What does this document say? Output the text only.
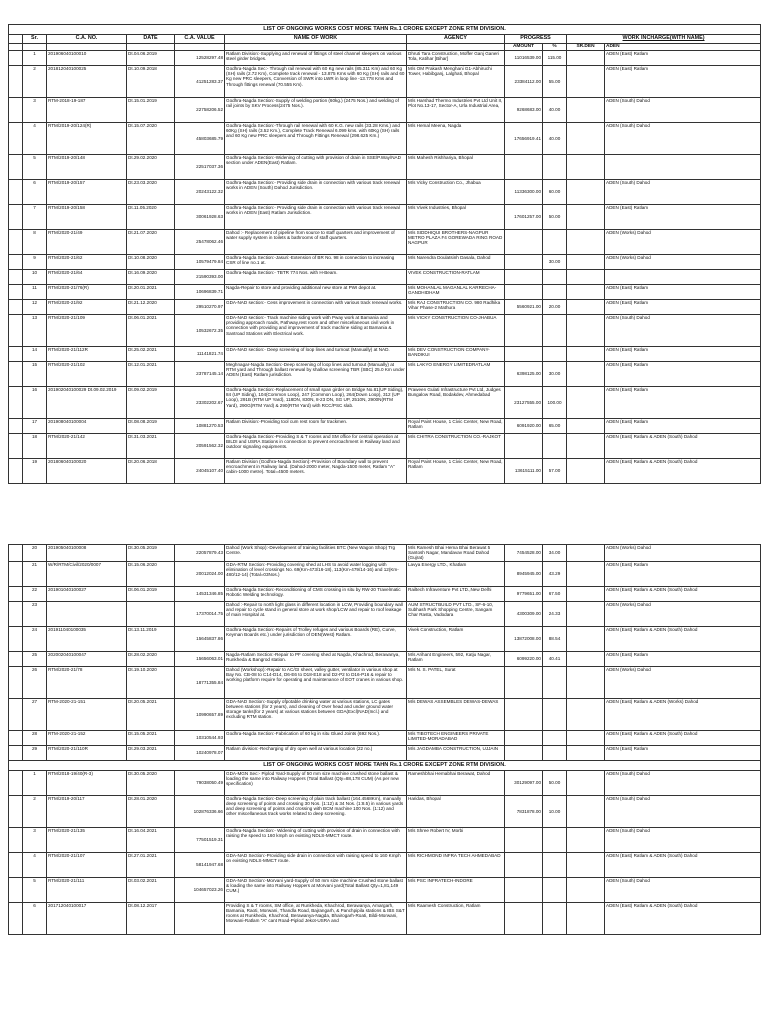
LIST OF ONGOING WORKS COST MORE TAHN Rs.1 CRORE EXCEPT ZONE RTM DIVISION.										
	Sr.	C.A. NO.	DATE	C.A. VALUE	NAME OF WORK	AGENCY	PROGRESS		WORK INCHARGE(WITH NAME)	
							AMOUNT	%	SR.DEN	ADEN
	1	201906040100010	Dt.04.06.2019	12528297.48	Ratlam Division:-Supplying and renewal of fittings of steel channel sleepers on various steel girder bridges.	Dhruti Tara Construction, Moffer Ganj Ganeri Tola, Katihar [Bihar]	11016539.00	115.00		ADEN (East) Ratlam
	2	201812040100025	Dt.10.09.2018	41251283.37	Godhra-Nagda Sec:- Through rail renewal with 60 Kg new rails (85.311 Km) and 60 Kg (SH) rails (2.72 Km), Complete track renewal - 13.875 Kms with 60 Kg (SH) rails and 60 Kg new PRC sleepers, Conversion of SWR into LWR in loop line -13.778 Kms and Through fittings renewal (70.555 Km).	M/s OM Prakash Menghani G1-Abhiruchi Tower, Habibganj, Lalghati, Bhopal	23384112.00	55.00		ADEN (East) Ratlam
	3	RTM-2018-19-187	Dt.15.01.2019	22758206.52	Godhra-Nagda Section:-Supply of welding portion (60kg.) (2475 Nos.) and welding of rail joints by SKV Process(2475 Nos.).	M/s Harshad Thermo Industries Pvt Ltd Unit II, Plot No.13-17, Sector-A, Urla Industrial Area,	9268683.00	40.00		ADEN (South) Dahod
	4	RTM/2019-20/124(R)	Dt.15.07.2020	45803685.79	Godhra-Nagda Section:-Through rail renewal with 60 K.G. new rails (33.28 Kms.) and 60Kg (SH) rails (3.52 Km.), Complete Track Renewal 6.099 kms. with 60Kg (SH) rails and 60 Kg new PRC sleepers and Through Fittings Renewal (298.625 Km.)	M/s Hemal Meena, Nagda	17656919.41	40.00		ADEN (South) Dahod
	5	RTM/2019-20/148	Dt.29.02.2020	22517037.36	Godhra-Nagda Section:-Widening of cutting with provision of drain in SSE/P.Way/NAD section under ADEN(East) Ratlam.	M/s Mahesh Rishhariya, Bhopal				
	6	RTM/2019-20/157	Dt.23.03.2020	20243122.32	Godhra-Nagda Section:- Providing side drain in connection with various track renewal works in ADEN (South) Dahod Jurisdiction.	M/s Vicky Construction Co., Jhabua	11336300.00	60.00		ADEN (South) Dahod
	7	RTM/2019-20/158	Dt.11.05.2020	30061928.63	Godhra-Nagda Section:- Providing side drain in connection with various track renewal works in ADEN (East) Ratlam Jurisdiction.	M/s Vivek Industries, Bhopal	17601257.00	50.00		ADEN (East) Ratlam
	8	RTM/2020-21/49	Dt.21.07.2020	25478062.46	Dahod :- Replacement of pipeline from source to staff quarters and improvement of water supply system in toilets & bathrooms of staff quarters.	M/s SIDDHIQUI BROTHERS-NAGPUR METRO PLAZA F4 GOREWADA RING ROAD NAGPUR				ADEN (Works) Dahod
	9	RTM/2020-21/62	Dt.10.08.2020	10579479.84	Godhra-Nagda Section:-Jasuri:-Extension of BR No. 98 in connection to increasing CSR of line no.1 at.	M/s Narendra Doulatsinh Dasala, Dahod		30.00		ADEN (Works) Dahod
	10	RTM/2020-21/64	Dt.16.09.2020	21590393.00	Godhra-Nagda Section:- TBTR 774 Nos. with H-Beam.	VIVEK CONSTRUCTION-RATLAM				
	11	RTM/2020-21/76(R)	Dt.20.01.2021	10696839.71	Nagda-Repair to store and providing additional new store at PWI depot at.	M/s MOHANLAL MAGANLAL KARRECHA-GANDHIDHAM				ADEN (East) Ratlam
	12	RTM/2020-21/92	Dt.21.12.2020	29510270.97	GDA-NAD section:- Cess improvement in connection with various track renewal works.	M/s RAJ CONSTRUCTION CO. 980 Radhika Vihar Phase-2 Mathura	5560921.00	20.00		ADEN (East) Ratlam
	13	RTM/2020-21/109	Dt.06.01.2021	10532672.35	GDA-NAD section:- Track machine siding work with Pway work at Bamania and providing approach roads, Pathway,rest room and other miscellaneous civil work in connection with providing and improvement of track machine siding at Bamania & Santroad Stations with Electrical work.	M/s VICKY CONSTRUCTION CO-JHABUA				ADEN (South) Dahod
	14	RTM/2020-21/112R	Dt.25.02.2021	11141821.74	GDA-NAD section:- Deep screening of loop lines and turnout (Manually) at NAD.	M/s DEV CONSTRUCTION COMPANY-BANDIKUI				ADEN (East) Ratlam
	15	RTM/2020-21/102	Dt.12.01.2021	23787145.14	Meghnagar-Nagda Section:-Deep screening of loop lines and turnout (Manually) at RTM yard and Through ballast renewal by shallow screening TBR (SBC) 25.0 Km under ADEN (East) Ratlam jurisdiction.	M/s LAKYO ENERGY LIMITEDRATLAM	6398125.00	30.00		ADEN (East) Ratlam
	16	201902040100029 Dt.09.02.2019	Dt.09.02.2019	23302202.67	Godhra-Nagda Section:-Replacement of small span girder on Bridge No.81(UP Siding), 84 (UP Siding), 104(Common Loop), 247 (Common Loop), 264(Down Loop), 312 (UP Loop), 291B (RTM UP Yard), 118DN, 830N, 8-23 DN, SG UP, 2510N, 2900N(RTM Yard), 290G(RTM Yard) & 290(RTM Yard) with RCC/PSC slab.	Praween Gulati Infrastructure Pvt Ltd, Judges Bungalow Road, Bodakdev, Ahmedabad	23127555.00	100.00		ADEN (East) Ratlam
	17	201908040100004	Dt.08.08.2019	10881270.53	Ratlam Division:-Providing tool cum rest room for trackmen.	Royal Paint House, 1 Civic Center, New Road, Ratlam	6091920.00	65.00		ADEN (East) Ratlam
	18	RTM/2020-21/142	Dt.31.03.2021	20591562.32	Godhra-Nagda Section:-Providing S & T rooms and SM office for central operation at BILDI and USRA Stations in connection to prevent encroachment in Railway land and outdoor signaling equipments.	M/s CHITRA CONSTRUCTION CO.-RAJKOT				ADEN (East) Ratlam & ADEN (South) Dahod
	19	201806040100020	Dt.20.06.2018	24045107.40	Ratlam Division (Godhra-Nagda Section):-Provision of Boundary wall to prevent encroachment in Railway land. (Dahod-2000 meter, Nagda-1500 meter, Ratlam "A" cabin-1000 metre). Total=4500 meters.	Royal Paint House, 1 Civic Center, New Road, Ratlam	13615111.00	57.00		ADEN (East) Ratlam & ADEN (South) Dahod
	20	201905040100008	Dt.30.05.2019	22057879.43	Dahod (Work Shop):-Development of training facilities BTC (New Wagon Shop) Trg Centre.	M/s Ramesh Bhai Hema Bhai Berawat 5 Santosh Nagar, Mandavav Road Dahod (Gujrat)	7454528.00	34.00		ADEN (Works) Dahod
	21	W/R/RTM/Civil/2020/0007	Dt.15.06.2020	20012024.00	GDA-RTM Section:-Providing covering shed at LHS to avoid water logging with elimination of level crossings No. 69(Km-473/16-18), 113(Km-479/14-16) and 12(Km-480/12-14) (Total=03Nos.)	Lavya Energy LTD., Khatlam	8945945.00	43.29		ADEN (East) Ratlam
	22	201901040100027	Dt.06.01.2019	14531346.85	Godhra-Nagda Section:-Reconditioning of CMS crossing in situ by RW-20 Travelmatic Robotic Welding technology.	Railtech Infraventure Pvt LTD.,New Delhi	9779651.00	67.50		ADEN (East) Ratlam & ADEN (South) Dahod
	23			17370014.75	Dahod :-Repair to north light glass in different location in LCW, Providing boundary wall and repair to cycle stand in general store at work shop/LCW and repair to roof leakage of main Hospital at.	AUM STRUCTBUILD PVT LTD., SF-6-10, Subhash Park Shopping Centre, Sangam Char Rasta, Vadodara	4300309.00	24.33		ADEN (Works) Dahod
	24	201911040100035	Dt.13.11.2019	15645837.86	Godhra-Nagda Section:-Repairs of Trolley refuges and various Boards (RE), Curve, Keyman Boards etc.) under jurisdiction of DEN(West) Ratlam.	Vivek Construction, Ratlam	13872008.00	88.54		ADEN (East) Ratlam & ADEN (South) Dahod
	25	202002040100047	Dt.28.02.2020	15656063.01	Nagda-Ratlam Section:-Repair to PF covering shed at Nagda, Khachrod, Berawanya, Runkheda & Bangrod station.	M/s Arihant Engineers, 592, Katju Nagar, Ratlam	6099220.00	40.41		ADEN (East) Ratlam
	26	RTM/2020-21/78	Dt.19.10.2020	18771355.84	Dahod (Workshop):-Repair to AC/GI sheet, valley gutter, ventilator in various shop at Bay No. CB-08 to C14-D14, D6-E6 to D18-E18 and D2-P2 to D16-P16 & repair to working platform require for operating and maintenance of EOT cranes in various shop.	M/s N. S. PATEL, Surat				ADEN (Works) Dahod
	27	RTM-2020-21-151	Dt.20.05.2021	10990657.89	GDA-NAD Section:-Supply ofpotable drinking water at various stations, LC gates between stations (for 2 years), and cleaning of Over head and under ground water storage tanks(for 2 years) at various stations between GDA(Excl)NAD(Incl.) and excluding RTM station.	M/s DEWAS ASSEMBLES DEWAS-DEWAS				ADEN (East) Ratlam & ADEN (Works) Dahod
	28	RTM-2020-21-152	Dt.15.05.2021	10310544.93	Godhra-Nagda Section:-Fabrication of 60 kg in situ Glued Joints (692 Nos.).	M/s TIBOTECH ENGINEERS PRIVATE LIMITED-MORADABAD				ADEN (East) Ratlam & ADEN (South) Dahod
	29	RTM/2020-21/110R	Dt.29.03.2021	10240978.07	Ratlam division:-Recharging of dry open well at various location (22 no.)	M/s JAGDAMBA CONSTRUCTION, UJJAIN				ADEN (East) Ratlam
LIST OF ONGOING WORKS COST MORE TAHN Rs.1 CRORE EXCEPT ZONE RTM DIVISION.										
	1	RTM/2018-19/40(R-3)	Dt.30.05.2020	79038050.49	GDA-MGN Sec:- Piplod Yard-Supply of 50 mm size machine crushed stone ballast & loading the same into Railway Hoppers (Total Ballast (Qty=88,178 CUM) (As per new specification)	Rameshbhai Hemabhai Berawat, Dahod	30129097.00	50.00		ADEN (South) Dahod
	2	RTM/2019-20/117	Dt.28.01.2020	102876336.66	Godhra-Nagda Section:-Deep screening of plain track ballast (164.4568Km), manually deep screening of points and crossing 30 Nos. (1:12) & 34 Nos. (1:8.5) in various yards and deep screening of points and crossing with BCM machine 100 Nos. (1:12) and other miscellaneous track works related to deep screening.	Haridas, Bhopal	7831878.00	10.00		ADEN (South) Dahod
	3	RTM/2020-21/135	Dt.16.04.2021	77501519.31	Godhra-Nagda Section:- Widening of cutting with provision of drain in connection with raising the speed to 160 kmph on existing NDLS-MMCT route.	M/s Shree Robert IV, Morbi				ADEN (South) Dahod
	4	RTM/2020-21/107	Dt.27.01.2021	58141947.68	GDA-NAD Section:-Providing side drain in connection with raising speed to 160 Kmph on existing NDLS-MMCT route.	M/s RICHMOND INFRA TECH AHMEDABAD				ADEN (East) Ratlam & ADEN (South) Dahod
	5	RTM/2020-21/111	Dt.03.02.2021	104657023.26	GDA-NAD Section:-Morvani yard-Supply of 50 mm size machine Crushed stone ballast & loading the same into Railway Hoppers at Morvani yard(Total Ballast Qty=1,81,149 CUM.)	M/s PSC INFRATECH-INDORE				ADEN (South) Dahod
	6	201712040100017	Dt.08.12.2017		Providing S & T rooms, SM office, at Runkheda, Khachrod, Berawanya, Amargarh, Bamania, Raoti, Morwani, Thandla Road, Bajrangarh, & Panchpipila stations & IBS S&T rooms at Runkheda, Khachrod, Berawanya-Nagda, Bhairogarh-Roati, Bildi-Morwani, Morwani-Ratlam "A" cant Road-Piplod Jekot-USRA and	M/s Raamesh Construction, Ratlam				ADEN (East) Ratlam & ADEN (South) Dahod
